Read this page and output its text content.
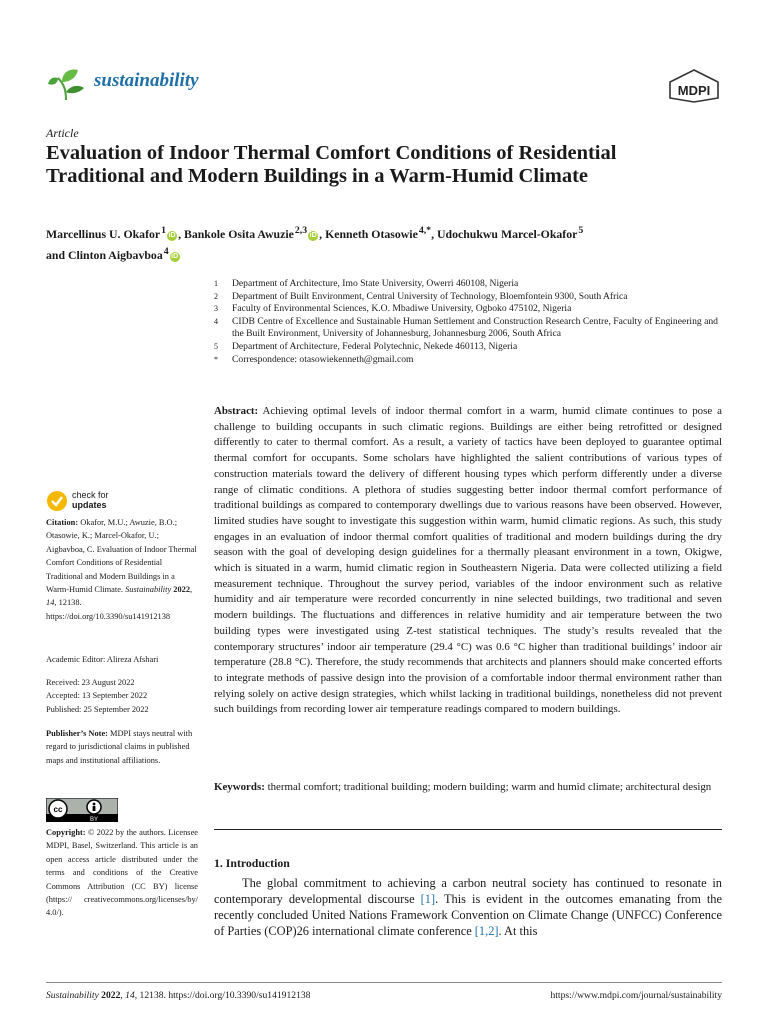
sustainability	MDPI
Article
Evaluation of Indoor Thermal Comfort Conditions of Residential Traditional and Modern Buildings in a Warm-Humid Climate
Marcellinus U. Okafor $^1$ iD , Bankole Osita Awuzie $^{2,3}$ iD , Kenneth Otasowie $^{4,*}$, Udochukwu Marcel-Okafor $^5$
and Clinton Aigbavboa $^4$ iD
1	Department of Architecture, Imo State University, Owerri 460108, Nigeria
2	Department of Built Environment, Central University of Technology, Bloemfontein 9300, South Africa
3	Faculty of Environmental Sciences, K.O. Mbadiwe University, Ogboko 475102, Nigeria
4	CIDB Centre of Excellence and Sustainable Human Settlement and Construction Research Centre, Faculty of Engineering and the Built Environment, University of Johannesburg, Johannesburg 2006, South Africa
5	Department of Architecture, Federal Polytechnic, Nekede 460113, Nigeria
*	Correspondence: otasowiekenneth@gmail.com
Abstract: Achieving optimal levels of indoor thermal comfort in a warm, humid climate continues to pose a challenge to building occupants in such climatic regions. Buildings are either being retrofitted or designed differently to cater to thermal comfort. As a result, a variety of tactics have been deployed to guarantee optimal thermal comfort for occupants. Some scholars have highlighted the salient contributions of various types of construction materials toward the delivery of different housing types which perform differently under a diverse range of climatic conditions. A plethora of studies suggesting better indoor thermal comfort performance of traditional buildings as compared to contemporary dwellings due to various reasons have been observed. However, limited studies have sought to investigate this suggestion within warm, humid climatic regions. As such, this study engages in an evaluation of indoor thermal comfort qualities of traditional and modern buildings during the dry season with the goal of developing design guidelines for a thermally pleasant environment in a town, Okigwe, which is situated in a warm, humid climatic region in Southeastern Nigeria. Data were collected utilizing a field measurement technique. Throughout the survey period, variables of the indoor environment such as relative humidity and air temperature were recorded concurrently in nine selected buildings, two traditional and seven modern buildings. The fluctuations and differences in relative humidity and air temperature between the two building types were investigated using Z-test statistical techniques. The study’s results revealed that the contemporary structures’ indoor air temperature (29.4 °C) was 0.6 °C higher than traditional buildings’ indoor air temperature (28.8 °C). Therefore, the study recommends that architects and planners should make concerted efforts to integrate methods of passive design into the provision of a comfortable indoor thermal environment rather than relying solely on active design strategies, which whilst lacking in traditional buildings, nonetheless did not prevent such buildings from recording lower air temperature readings compared to modern buildings.
Keywords: thermal comfort; traditional building; modern building; warm and humid climate; architectural design
1. Introduction
The global commitment to achieving a carbon neutral society has continued to resonate in contemporary developmental discourse [1]. This is evident in the outcomes emanating from the recently concluded United Nations Framework Convention on Climate Change (UNFCC) Conference of Parties (COP)26 international climate conference [1,2]. At this
check for
updates
Citation: Okafor, M.U.; Awuzie, B.O.; Otasowie, K.; Marcel-Okafor, U.; Aigbavboa, C. Evaluation of Indoor Thermal Comfort Conditions of Residential Traditional and Modern Buildings in a Warm-Humid Climate. Sustainability 2022, 14, 12138. https://doi.org/10.3390/su141912138
Academic Editor: Alireza Afshari
Received: 23 August 2022
Accepted: 13 September 2022
Published: 25 September 2022
Publisher’s Note: MDPI stays neutral with regard to jurisdictional claims in published maps and institutional affiliations.
cc
BY
Copyright: © 2022 by the authors. Licensee MDPI, Basel, Switzerland. This article is an open access article distributed under the terms and conditions of the Creative Commons Attribution (CC BY) license (https:// creativecommons.org/licenses/by/ 4.0/).
Sustainability 2022, 14, 12138. https://doi.org/10.3390/su141912138	https://www.mdpi.com/journal/sustainability
